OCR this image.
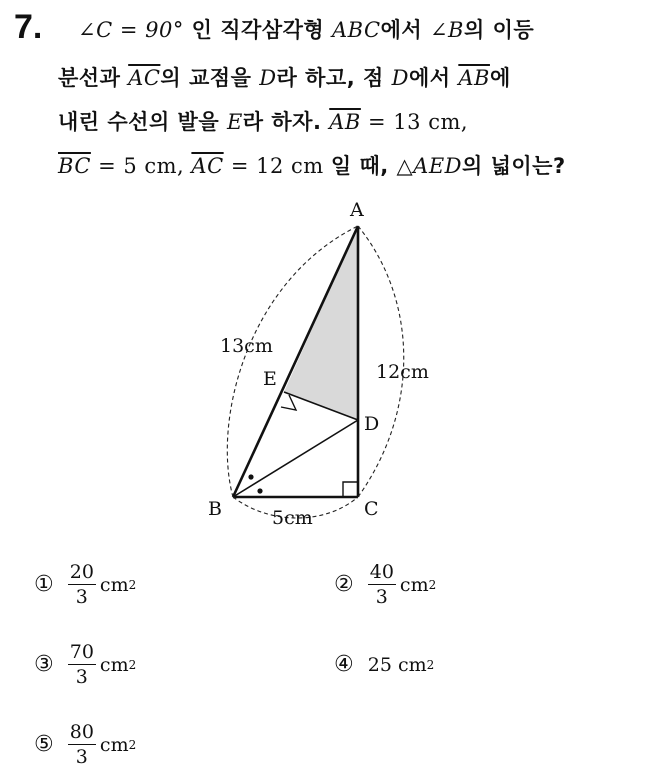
7. ∠C = 90° 인 직각삼각형 ABC에서 ∠B의 이등
분선과 $\overline{AC}$의 교점을 D라 하고, 점 D에서 $\overline{AB}$에
내린 수선의 발을 E라 하자. $\overline{AB} = 13$ cm,
$\overline{BC} = 5$ cm, $\overline{AC} = 12$ cm 일 때, △AED의 넓이는?
A
B	C
D
E
13cm
12cm
5cm
① $\frac{20}{3}$ cm 2	② $\frac{40}{3}$ cm 2
③ $\frac{70}{3}$ cm 2	④ 25
cm 2
⑤ $\frac{80}{3}$ cm 2
